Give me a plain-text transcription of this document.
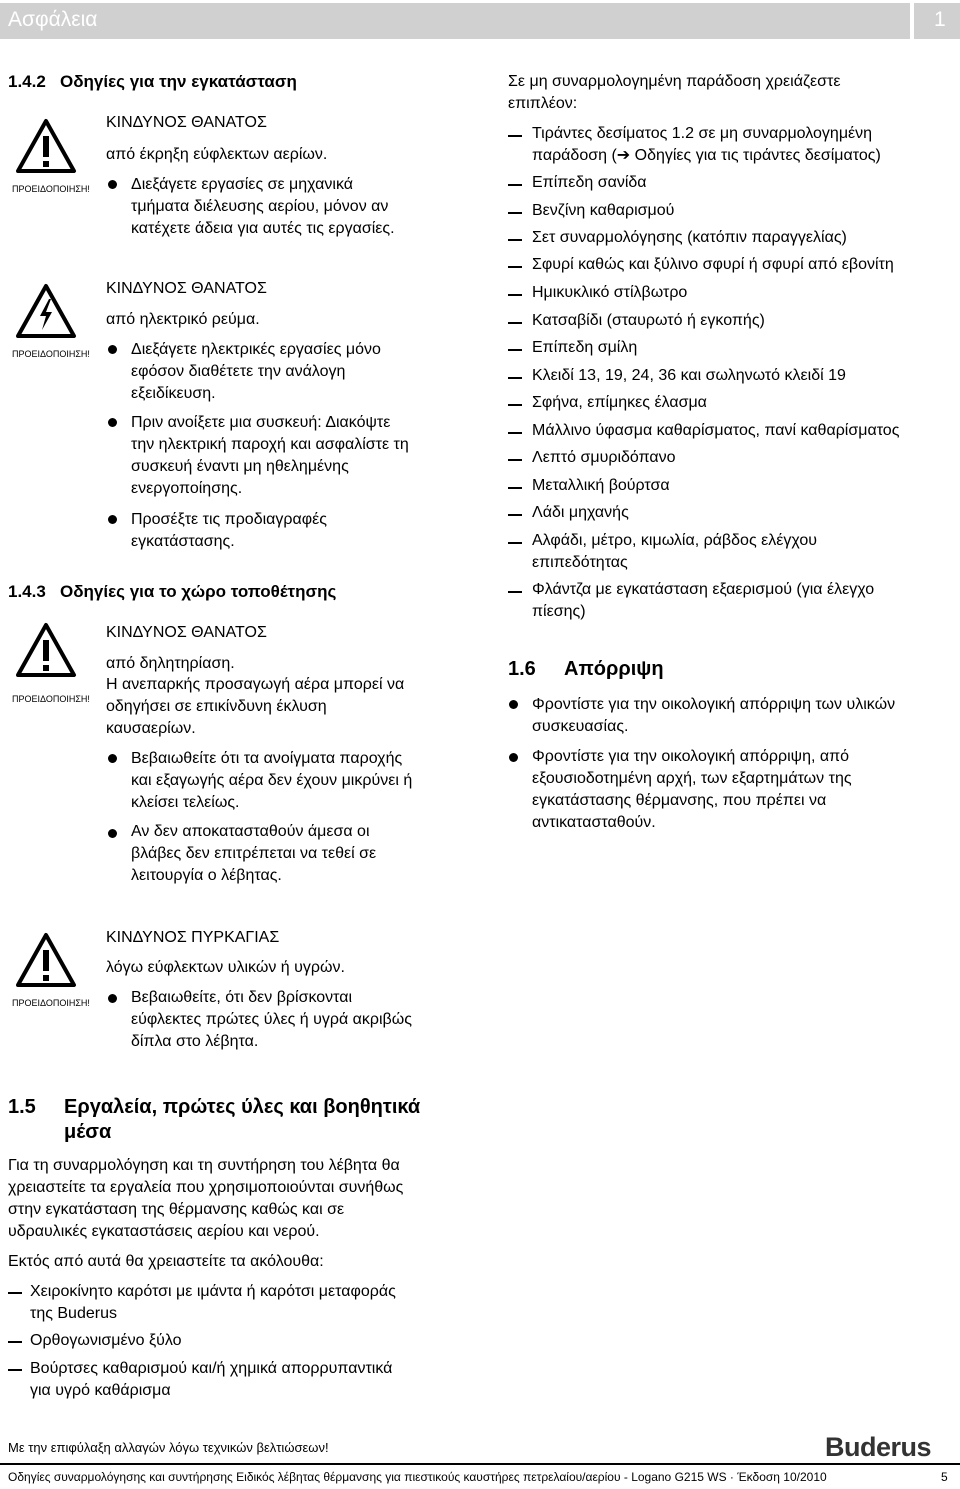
Ασφάλεια	1
1.4.2 Οδηγίες για την εγκατάσταση
ΠΡΟΕΙΔΟΠΟΙΗΣΗ!
ΚΙΝΔΥΝΟΣ ΘΑΝΑΤΟΣ
από έκρηξη εύφλεκτων αερίων.
Διεξάγετε εργασίες σε μηχανικά
τμήματα διέλευσης αερίου, μόνον αν
κατέχετε άδεια για αυτές τις εργασίες.
ΠΡΟΕΙΔΟΠΟΙΗΣΗ!
ΚΙΝΔΥΝΟΣ ΘΑΝΑΤΟΣ
από ηλεκτρικό ρεύμα.
Διεξάγετε ηλεκτρικές εργασίες μόνο
εφόσον διαθέτετε την ανάλογη
εξειδίκευση.
Πριν ανοίξετε μια συσκευή: Διακόψτε
την ηλεκτρική παροχή και ασφαλίστε τη
συσκευή έναντι μη ηθελημένης
ενεργοποίησης.
Προσέξτε τις προδιαγραφές
εγκατάστασης.
1.4.3 Οδηγίες για το χώρο τοποθέτησης
ΠΡΟΕΙΔΟΠΟΙΗΣΗ!
ΚΙΝΔΥΝΟΣ ΘΑΝΑΤΟΣ
από δηλητηρίαση.
Η ανεπαρκής προσαγωγή αέρα μπορεί να
οδηγήσει σε επικίνδυνη έκλυση
καυσαερίων.
Βεβαιωθείτε ότι τα ανοίγματα παροχής
και εξαγωγής αέρα δεν έχουν μικρύνει ή
κλείσει τελείως.
Αν δεν αποκατασταθούν άμεσα οι
βλάβες δεν επιτρέπεται να τεθεί σε
λειτουργία ο λέβητας.
ΠΡΟΕΙΔΟΠΟΙΗΣΗ!
ΚΙΝΔΥΝΟΣ ΠΥΡΚΑΓΙΑΣ
λόγω εύφλεκτων υλικών ή υγρών.
Βεβαιωθείτε, ότι δεν βρίσκονται
εύφλεκτες πρώτες ύλες ή υγρά ακριβώς
δίπλα στο λέβητα.
1.5 Εργαλεία, πρώτες ύλες και βοηθητικά
μέσα
Για τη συναρμολόγηση και τη συντήρηση του λέβητα θα
χρειαστείτε τα εργαλεία που χρησιμοποιούνται συνήθως
στην εγκατάσταση της θέρμανσης καθώς και σε
υδραυλικές εγκαταστάσεις αερίου και νερού.
Εκτός από αυτά θα χρειαστείτε τα ακόλουθα:
Χειροκίνητο καρότσι με ιμάντα ή καρότσι μεταφοράς
της Buderus
Ορθογωνισμένο ξύλο
Βούρτσες καθαρισμού και/ή χημικά απορρυπαντικά
για υγρό καθάρισμα
Σε μη συναρμολογημένη παράδοση χρειάζεστε
επιπλέον:
Τιράντες δεσίματος 1.2 σε μη συναρμολογημένη
παράδοση (➔ Οδηγίες για τις τιράντες δεσίματος)
Επίπεδη σανίδα
Βενζίνη καθαρισμού
Σετ συναρμολόγησης (κατόπιν παραγγελίας)
Σφυρί καθώς και ξύλινο σφυρί ή σφυρί από εβονίτη
Ημικυκλικό στίλβωτρο
Κατσαβίδι (σταυρωτό ή εγκοπής)
Επίπεδη σμίλη
Κλειδί 13, 19, 24, 36 και σωληνωτό κλειδί 19
Σφήνα, επίμηκες έλασμα
Μάλλινο ύφασμα καθαρίσματος, πανί καθαρίσματος
Λεπτό σμυριδόπανο
Μεταλλική βούρτσα
Λάδι μηχανής
Αλφάδι, μέτρο, κιμωλία, ράβδος ελέγχου
επιπεδότητας
Φλάντζα με εγκατάσταση εξαερισμού (για έλεγχο
πίεσης)
1.6 Απόρριψη
Φροντίστε για την οικολογική απόρριψη των υλικών
συσκευασίας.
Φροντίστε για την οικολογική απόρριψη, από
εξουσιοδοτημένη αρχή, των εξαρτημάτων της
εγκατάστασης θέρμανσης, που πρέπει να
αντικατασταθούν.
Με την επιφύλαξη αλλαγών λόγω τεχνικών βελτιώσεων!	Buderus
Οδηγίες συναρμολόγησης και συντήρησης Ειδικός λέβητας θέρμανσης για πιεστικούς καυστήρες πετρελαίου/αερίου - Logano G215 WS · Έκδοση 10/2010	5
